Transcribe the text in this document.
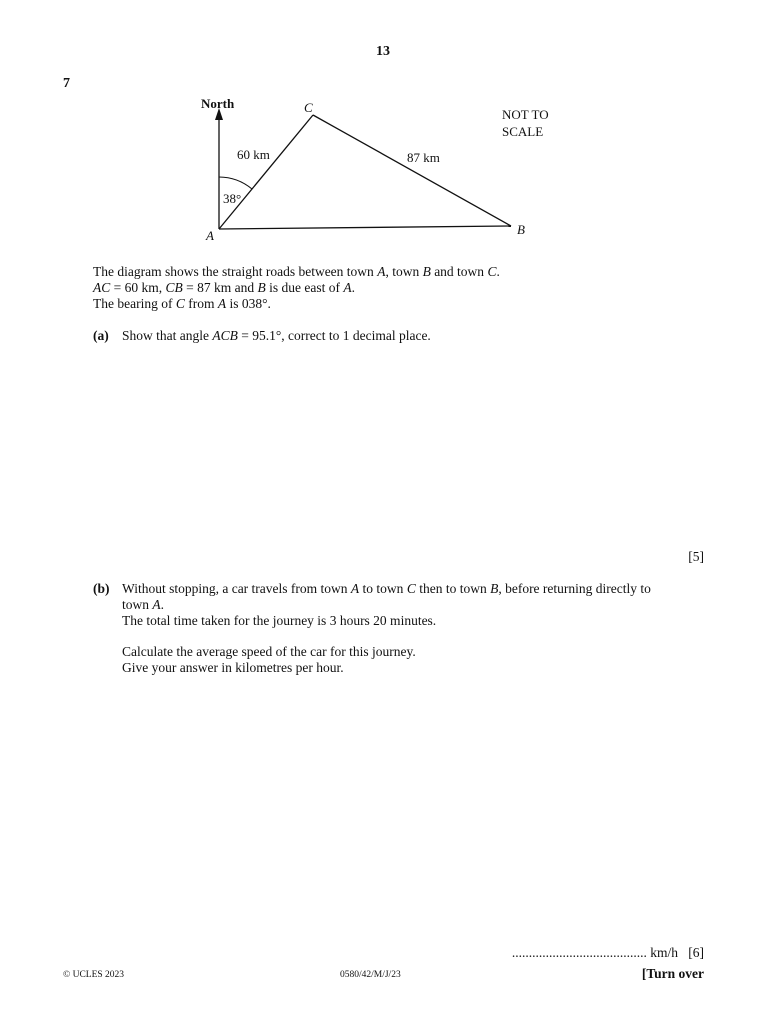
13
7
North	C
A	B
60 km	87 km
38°
NOT TO
SCALE
The diagram shows the straight roads between town A, town B and town C.
AC = 60 km, CB = 87 km and B is due east of A.
The bearing of C from A is 038°.
(a) Show that angle ACB = 95.1°, correct to 1 decimal place.
[5]
(b) Without stopping, a car travels from town A to town C then to town B, before returning directly to
town A.
The total time taken for the journey is 3 hours 20 minutes.
Calculate the average speed of the car for this journey.
Give your answer in kilometres per hour.
........................................ km/h [6]
© UCLES 2023	0580/42/M/J/23	[Turn over
